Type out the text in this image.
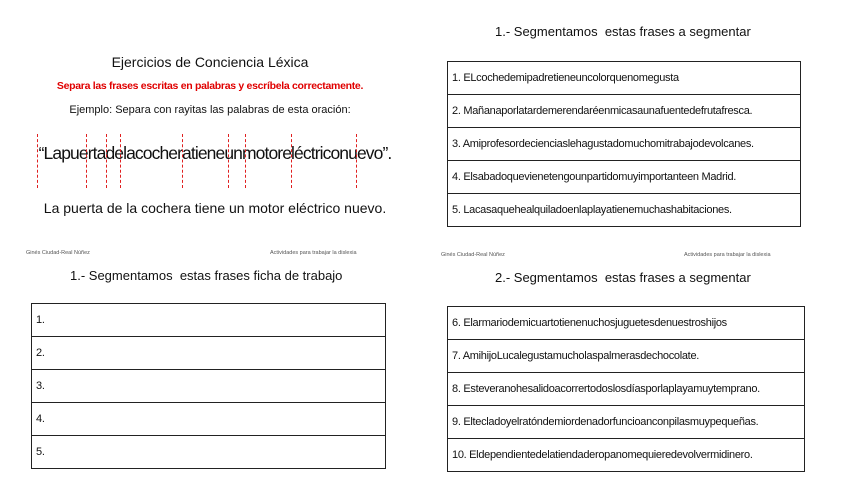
Ejercicios de Conciencia Léxica
Separa las frases escritas en palabras y escríbela correctamente.
Ejemplo: Separa con rayitas las palabras de esta oración:
“Lapuertadelacocheratieneunmotoreléctriconuevo”.
La puerta de la cochera tiene un motor eléctrico nuevo.
Ginés Ciudad-Real Núñez	Actividades para trabajar la dislexia
1.- Segmentamos  estas frases a segmentar
1. ELcochedemipadretieneuncolorquenomegusta
2. Mañanaporlatardemerendaréenmicasaunafuentedefrutafresca.
3. Amiprofesordecienciaslehagustadomuchomitrabajodevolcanes.
4. Elsabadoquevienetengounpartidomuyimportanteen Madrid.
5. Lacasaquehealquiladoenlaplayatienemuchashabitaciones.
Ginés Ciudad-Real Núñez	Actividades para trabajar la dislexia
1.- Segmentamos  estas frases ficha de trabajo
1.
2.
3.
4.
5.
2.- Segmentamos  estas frases a segmentar
6. Elarmariodemicuartotienenuchosjuguetesdenuestroshijos
7. AmihijoLucalegustamucholaspalmerasdechocolate.
8. Esteveranohesalidoacorrertodoslosdíasporlaplayamuytemprano.
9. Eltecladoyelratóndemiordenadorfuncioanconpilasmuypequeñas.
10. Eldependientedelatiendaderopanomequieredevolvermidinero.
